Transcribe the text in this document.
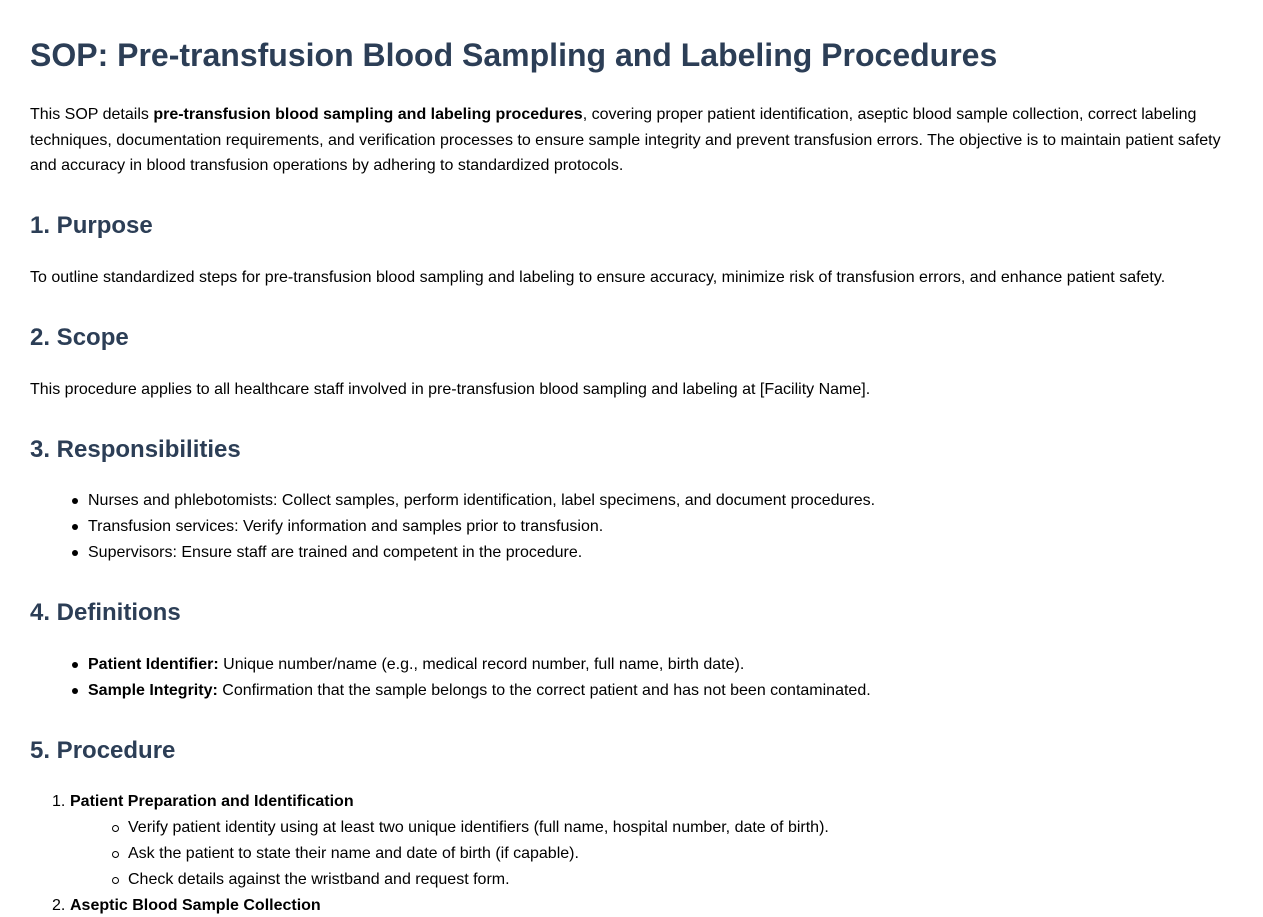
SOP: Pre-transfusion Blood Sampling and Labeling Procedures

This SOP details pre-transfusion blood sampling and labeling procedures, covering proper patient identification, aseptic blood sample collection, correct labeling techniques, documentation requirements, and verification processes to ensure sample integrity and prevent transfusion errors. The objective is to maintain patient safety and accuracy in blood transfusion operations by adhering to standardized protocols.

1. Purpose

To outline standardized steps for pre-transfusion blood sampling and labeling to ensure accuracy, minimize risk of transfusion errors, and enhance patient safety.

2. Scope

This procedure applies to all healthcare staff involved in pre-transfusion blood sampling and labeling at [Facility Name].

3. Responsibilities
Nurses and phlebotomists: Collect samples, perform identification, label specimens, and document procedures.
Transfusion services: Verify information and samples prior to transfusion.
Supervisors: Ensure staff are trained and competent in the procedure.
4. Definitions
Patient Identifier: Unique number/name (e.g., medical record number, full name, birth date).
Sample Integrity: Confirmation that the sample belongs to the correct patient and has not been contaminated.
5. Procedure
1. Patient Preparation and Identification
Verify patient identity using at least two unique identifiers (full name, hospital number, date of birth).
Ask the patient to state their name and date of birth (if capable).
Check details against the wristband and request form.
2. Aseptic Blood Sample Collection
